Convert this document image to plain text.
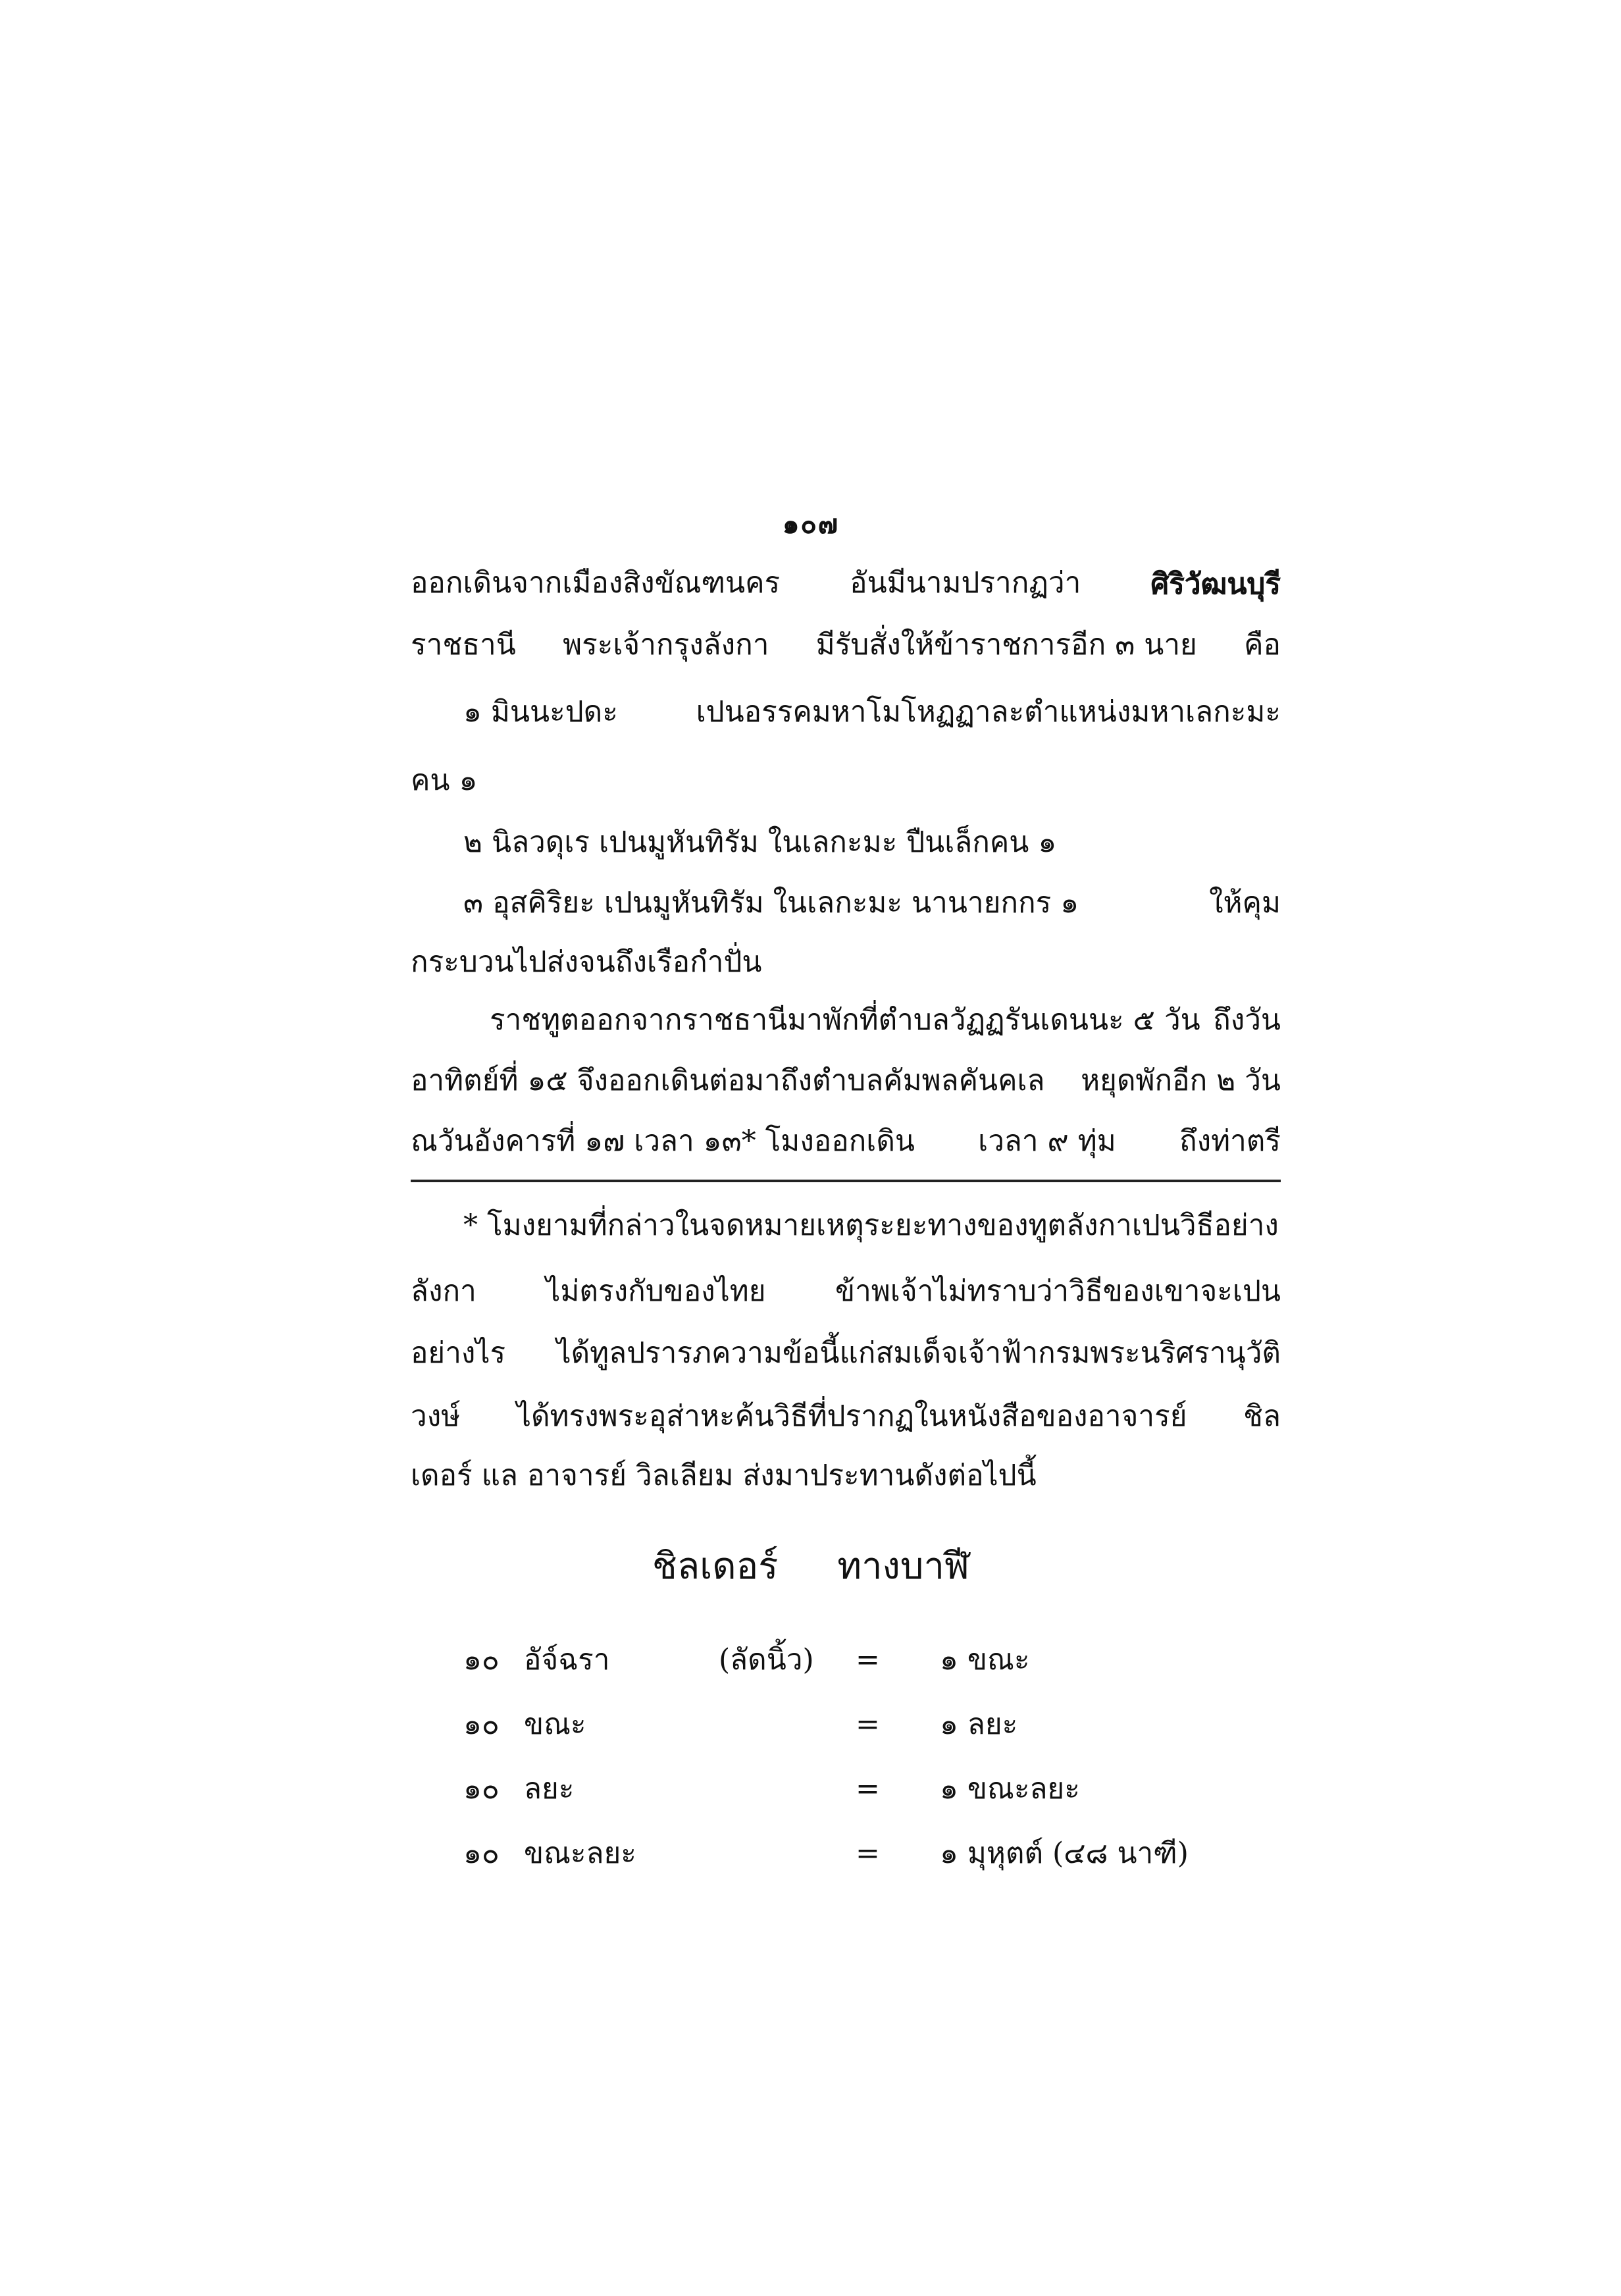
๑๐๗
ออกเดินจากเมืองสิงขัณฑนคร	อันมีนามปรากฏว่า	ศิริวัฒนบุรี
ราชธานี	พระเจ้ากรุงลังกา	มีรับสั่งให้ข้าราชการอีก ๓ นาย	คือ
๑ มินนะปดะ	เปนอรรคมหาโมโหฏฏาละตำแหน่งมหาเลกะมะ
คน ๑
๒ นิลวดุเร เปนมูหันทิรัม ในเลกะมะ ปืนเล็กคน ๑
๓ อุสคิริยะ เปนมูหันทิรัม ในเลกะมะ นานายกกร ๑	ให้คุม
กระบวนไปส่งจนถึงเรือกำปั่น
ราชทูตออกจากราชธานีมาพักที่ตำบลวัฏฏรันเดนนะ ๕ วัน ถึงวัน
อาทิตย์ที่ ๑๕ จึงออกเดินต่อมาถึงตำบลคัมพลคันคเล หยุดพักอีก ๒ วัน
ณวันอังคารที่ ๑๗ เวลา ๑๓* โมงออกเดิน	เวลา ๙ ทุ่ม	ถึงท่าตรี
* โมงยามที่กล่าวในจดหมายเหตุระยะทางของทูตลังกาเปนวิธีอย่าง
ลังกา	ไม่ตรงกับของไทย	ข้าพเจ้าไม่ทราบว่าวิธีของเขาจะเปน
อย่างไร	ได้ทูลปรารภความข้อนี้แก่สมเด็จเจ้าฟ้ากรมพระนริศรานุวัติ
วงษ์	ได้ทรงพระอุส่าหะค้นวิธีที่ปรากฏในหนังสือของอาจารย์	ชิล
เดอร์ แล อาจารย์ วิลเลียม ส่งมาประทานดังต่อไปนี้
ชิลเดอร์	ทางบาฬี
๑๐ อัจ์ฉรา	(ลัดนิ้ว)	=	๑ ขณะ
๑๐ ขณะ	=	๑ ลยะ
๑๐ ลยะ	=	๑ ขณะลยะ
๑๐ ขณะลยะ	=	๑ มุหุตต์ (๔๘ นาฑี)
